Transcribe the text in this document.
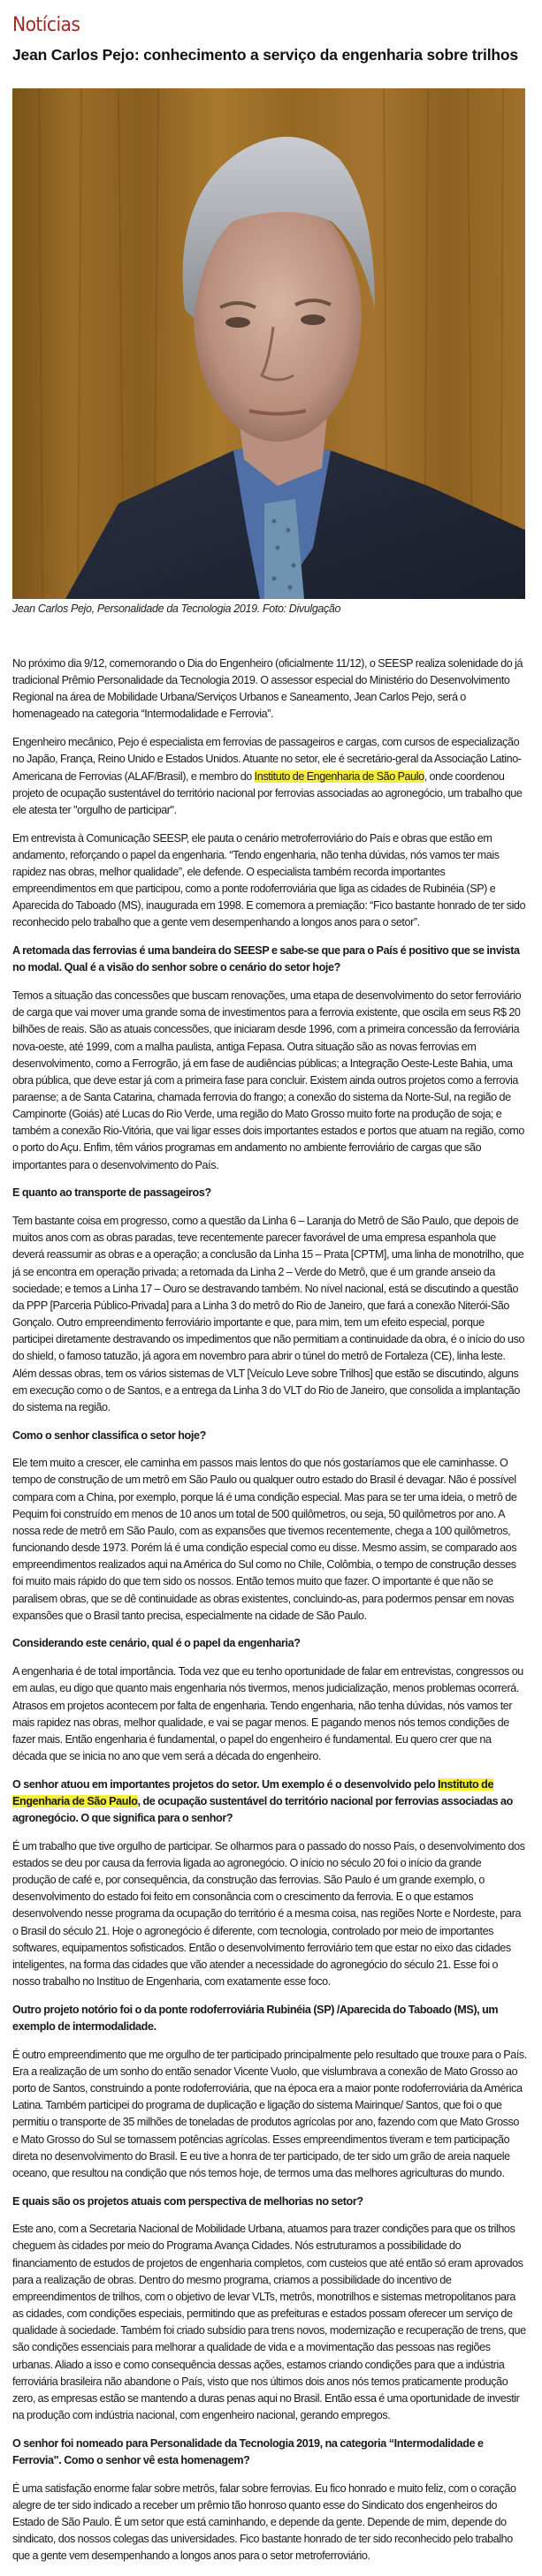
Notícias
Jean Carlos Pejo: conhecimento a serviço da engenharia sobre trilhos
Jean Carlos Pejo, Personalidade da Tecnologia 2019. Foto: Divulgação

No próximo dia 9/12, comemorando o Dia do Engenheiro (oficialmente 11/12), o SEESP realiza solenidade do já tradicional Prêmio Personalidade da Tecnologia 2019. O assessor especial do Ministério do Desenvolvimento Regional na área de Mobilidade Urbana/Serviços Urbanos e Saneamento, Jean Carlos Pejo, será o homenageado na categoria “Intermodalidade e Ferrovia”.

Engenheiro mecânico, Pejo é especialista em ferrovias de passageiros e cargas, com cursos de especialização no Japão, França, Reino Unido e Estados Unidos. Atuante no setor, ele é secretário-geral da Associação Latino-Americana de Ferrovias (ALAF/Brasil), e membro do Instituto de Engenharia de São Paulo, onde coordenou projeto de ocupação sustentável do território nacional por ferrovias associadas ao agronegócio, um trabalho que ele atesta ter "orgulho de participar".

Em entrevista à Comunicação SEESP, ele pauta o cenário metroferroviário do País e obras que estão em andamento, reforçando o papel da engenharia. “Tendo engenharia, não tenha dúvidas, nós vamos ter mais rapidez nas obras, melhor qualidade”, ele defende. O especialista também recorda importantes empreendimentos em que participou, como a ponte rodoferroviária que liga as cidades de Rubinéia (SP) e Aparecida do Taboado (MS), inaugurada em 1998. E comemora a premiação: “Fico bastante honrado de ter sido reconhecido pelo trabalho que a gente vem desempenhando a longos anos para o setor”.

A retomada das ferrovias é uma bandeira do SEESP e sabe-se que para o País é positivo que se invista no modal. Qual é a visão do senhor sobre o cenário do setor hoje?

Temos a situação das concessões que buscam renovações, uma etapa de desenvolvimento do setor ferroviário de carga que vai mover uma grande soma de investimentos para a ferrovia existente, que oscila em seus R$ 20 bilhões de reais. São as atuais concessões, que iniciaram desde 1996, com a primeira concessão da ferroviária nova-oeste, até 1999, com a malha paulista, antiga Fepasa. Outra situação são as novas ferrovias em desenvolvimento, como a Ferrogrão, já em fase de audiências públicas; a Integração Oeste-Leste Bahia, uma obra pública, que deve estar já com a primeira fase para concluir. Existem ainda outros projetos como a ferrovia paraense; a de Santa Catarina, chamada ferrovia do frango; a conexão do sistema da Norte-Sul, na região de Campinorte (Goiás) até Lucas do Rio Verde, uma região do Mato Grosso muito forte na produção de soja; e também a conexão Rio-Vitória, que vai ligar esses dois importantes estados e portos que atuam na região, como o porto do Açu. Enfim, têm vários programas em andamento no ambiente ferroviário de cargas que são importantes para o desenvolvimento do País.

E quanto ao transporte de passageiros?

Tem bastante coisa em progresso, como a questão da Linha 6 – Laranja do Metrô de São Paulo, que depois de muitos anos com as obras paradas, teve recentemente parecer favorável de uma empresa espanhola que deverá reassumir as obras e a operação; a conclusão da Linha 15 – Prata [CPTM], uma linha de monotrilho, que já se encontra em operação privada; a retomada da Linha 2 – Verde do Metrô, que é um grande anseio da sociedade; e temos a Linha 17 – Ouro se destravando também. No nível nacional, está se discutindo a questão da PPP [Parceria Público-Privada] para a Linha 3 do metrô do Rio de Janeiro, que fará a conexão Niterói-São Gonçalo. Outro empreendimento ferroviário importante e que, para mim, tem um efeito especial, porque participei diretamente destravando os impedimentos que não permitiam a continuidade da obra, é o início do uso do shield, o famoso tatuzão, já agora em novembro para abrir o túnel do metrô de Fortaleza (CE), linha leste. Além dessas obras, tem os vários sistemas de VLT [Veículo Leve sobre Trilhos] que estão se discutindo, alguns em execução como o de Santos, e a entrega da Linha 3 do VLT do Rio de Janeiro, que consolida a implantação do sistema na região.

Como o senhor classifica o setor hoje?

Ele tem muito a crescer, ele caminha em passos mais lentos do que nós gostaríamos que ele caminhasse. O tempo de construção de um metrô em São Paulo ou qualquer outro estado do Brasil é devagar. Não é possível compara com a China, por exemplo, porque lá é uma condição especial. Mas para se ter uma ideia, o metrô de Pequim foi construído em menos de 10 anos um total de 500 quilômetros, ou seja, 50 quilômetros por ano. A nossa rede de metrô em São Paulo, com as expansões que tivemos recentemente, chega a 100 quilômetros, funcionando desde 1973. Porém lá é uma condição especial como eu disse. Mesmo assim, se comparado aos empreendimentos realizados aqui na América do Sul como no Chile, Colômbia, o tempo de construção desses foi muito mais rápido do que tem sido os nossos. Então temos muito que fazer. O importante é que não se paralisem obras, que se dê continuidade as obras existentes, concluindo-as, para podermos pensar em novas expansões que o Brasil tanto precisa, especialmente na cidade de São Paulo.

Considerando este cenário, qual é o papel da engenharia?

A engenharia é de total importância. Toda vez que eu tenho oportunidade de falar em entrevistas, congressos ou em aulas, eu digo que quanto mais engenharia nós tivermos, menos judicialização, menos problemas ocorrerá. Atrasos em projetos acontecem por falta de engenharia. Tendo engenharia, não tenha dúvidas, nós vamos ter mais rapidez nas obras, melhor qualidade, e vai se pagar menos. E pagando menos nós temos condições de fazer mais. Então engenharia é fundamental, o papel do engenheiro é fundamental. Eu quero crer que na década que se inicia no ano que vem será a década do engenheiro.

O senhor atuou em importantes projetos do setor. Um exemplo é o desenvolvido pelo Instituto de Engenharia de São Paulo, de ocupação sustentável do território nacional por ferrovias associadas ao agronegócio. O que significa para o senhor?

É um trabalho que tive orgulho de participar. Se olharmos para o passado do nosso País, o desenvolvimento dos estados se deu por causa da ferrovia ligada ao agronegócio. O início no século 20 foi o início da grande produção de café e, por consequência, da construção das ferrovias. São Paulo é um grande exemplo, o desenvolvimento do estado foi feito em consonância com o crescimento da ferrovia. E o que estamos desenvolvendo nesse programa da ocupação do território é a mesma coisa, nas regiões Norte e Nordeste, para o Brasil do século 21. Hoje o agronegócio é diferente, com tecnologia, controlado por meio de importantes softwares, equipamentos sofisticados. Então o desenvolvimento ferroviário tem que estar no eixo das cidades inteligentes, na forma das cidades que vão atender a necessidade do agronegócio do século 21. Esse foi o nosso trabalho no Instituo de Engenharia, com exatamente esse foco.

Outro projeto notório foi o da ponte rodoferroviária Rubinéia (SP) /Aparecida do Taboado (MS), um exemplo de intermodalidade.

É outro empreendimento que me orgulho de ter participado principalmente pelo resultado que trouxe para o País. Era a realização de um sonho do então senador Vicente Vuolo, que vislumbrava a conexão de Mato Grosso ao porto de Santos, construindo a ponte rodoferroviária, que na época era a maior ponte rodoferroviária da América Latina. Também participei do programa de duplicação e ligação do sistema Mairinque/ Santos, que foi o que permitiu o transporte de 35 milhões de toneladas de produtos agrícolas por ano, fazendo com que Mato Grosso e Mato Grosso do Sul se tornassem potências agrícolas. Esses empreendimentos tiveram e tem participação direta no desenvolvimento do Brasil. E eu tive a honra de ter participado, de ter sido um grão de areia naquele oceano, que resultou na condição que nós temos hoje, de termos uma das melhores agriculturas do mundo.

E quais são os projetos atuais com perspectiva de melhorias no setor?

Este ano, com a Secretaria Nacional de Mobilidade Urbana, atuamos para trazer condições para que os trilhos cheguem às cidades por meio do Programa Avança Cidades. Nós estruturamos a possibilidade do financiamento de estudos de projetos de engenharia completos, com custeios que até então só eram aprovados para a realização de obras. Dentro do mesmo programa, criamos a possibilidade do incentivo de empreendimentos de trilhos, com o objetivo de levar VLTs, metrôs, monotrilhos e sistemas metropolitanos para as cidades, com condições especiais, permitindo que as prefeituras e estados possam oferecer um serviço de qualidade à sociedade. Também foi criado subsídio para trens novos, modernização e recuperação de trens, que são condições essenciais para melhorar a qualidade de vida e a movimentação das pessoas nas regiões urbanas. Aliado a isso e como consequência dessas ações, estamos criando condições para que a indústria ferroviária brasileira não abandone o País, visto que nos últimos dois anos nós temos praticamente produção zero, as empresas estão se mantendo a duras penas aqui no Brasil. Então essa é uma oportunidade de investir na produção com indústria nacional, com engenheiro nacional, gerando empregos.

O senhor foi nomeado para Personalidade da Tecnologia 2019, na categoria “Intermodalidade e Ferrovia". Como o senhor vê esta homenagem?

É uma satisfação enorme falar sobre metrôs, falar sobre ferrovias. Eu fico honrado e muito feliz, com o coração alegre de ter sido indicado a receber um prêmio tão honroso quanto esse do Sindicato dos engenheiros do Estado de São Paulo. É um setor que está caminhando, e depende da gente. Depende de mim, depende do sindicato, dos nossos colegas das universidades. Fico bastante honrado de ter sido reconhecido pelo trabalho que a gente vem desempenhando a longos anos para o setor metroferroviário.
